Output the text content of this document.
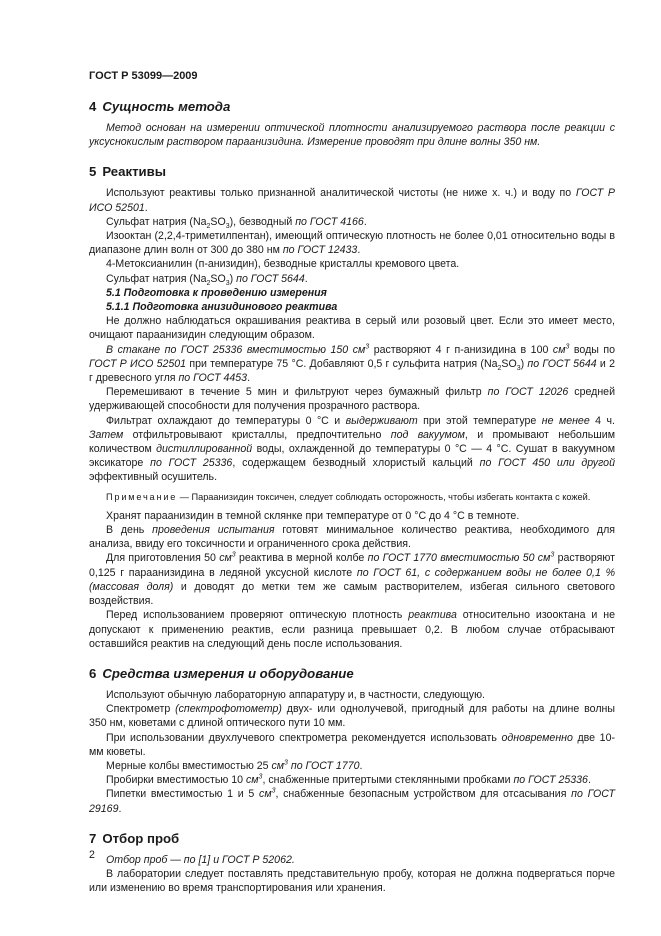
ГОСТ Р 53099—2009
4 Сущность метода

Метод основан на измерении оптической плотности анализируемого раствора после реакции с уксуснокислым раствором параанизидина. Измерение проводят при длине волны 350 нм.

5 Реактивы

Используют реактивы только признанной аналитической чистоты (не ниже х. ч.) и воду по ГОСТ Р ИСО 52501.

Сульфат натрия $(Na_2SO_3)$, безводный по ГОСТ 4166.

Изооктан (2,2,4-триметилпентан), имеющий оптическую плотность не более 0,01 относительно воды в диапазоне длин волн от 300 до 380 нм по ГОСТ 12433.

4-Метоксианилин (п-анизидин), безводные кристаллы кремового цвета.

Сульфат натрия $(Na_2SO_3)$ по ГОСТ 5644.

5.1 Подготовка к проведению измерения
5.1.1 Подготовка анизидинового реактива

Не должно наблюдаться окрашивания реактива в серый или розовый цвет. Если это имеет место, очищают параанизидин следующим образом.

В стакане по ГОСТ 25336 вместимостью 150 $см^3$ растворяют 4 г п-анизидина в 100 $см^3$ воды по ГОСТ Р ИСО 52501 при температуре 75 °С. Добавляют 0,5 г сульфита натрия $(Na_2SO_3)$ по ГОСТ 5644 и 2 г древесного угля по ГОСТ 4453.

Перемешивают в течение 5 мин и фильтруют через бумажный фильтр по ГОСТ 12026 средней удерживающей способности для получения прозрачного раствора.

Фильтрат охлаждают до температуры 0 °С и выдерживают при этой температуре не менее 4 ч. Затем отфильтровывают кристаллы, предпочтительно под вакуумом, и промывают небольшим количеством дистиллированной воды, охлажденной до температуры 0 °С — 4 °С. Сушат в вакуумном эксикаторе по ГОСТ 25336, содержащем безводный хлористый кальций по ГОСТ 450 или другой эффективный осушитель.

Примечание — Параанизидин токсичен, следует соблюдать осторожность, чтобы избегать контакта с кожей.

Хранят параанизидин в темной склянке при температуре от 0 °С до 4 °С в темноте.

В день проведения испытания готовят минимальное количество реактива, необходимого для анализа, ввиду его токсичности и ограниченного срока действия.

Для приготовления 50 $см^3$ реактива в мерной колбе по ГОСТ 1770 вместимостью 50 $см^3$ растворяют 0,125 г параанизидина в ледяной уксусной кислоте по ГОСТ 61, с содержанием воды не более 0,1 % (массовая доля) и доводят до метки тем же самым растворителем, избегая сильного светового воздействия.

Перед использованием проверяют оптическую плотность реактива относительно изооктана и не допускают к применению реактив, если разница превышает 0,2. В любом случае отбрасывают оставшийся реактив на следующий день после использования.

6 Средства измерения и оборудование

Используют обычную лабораторную аппаратуру и, в частности, следующую.

Спектрометр (спектрофотометр) двух- или однолучевой, пригодный для работы на длине волны 350 нм, кюветами с длиной оптического пути 10 мм.

При использовании двухлучевого спектрометра рекомендуется использовать одновременно две 10-мм кюветы.

Мерные колбы вместимостью 25 $см^3$ по ГОСТ 1770.

Пробирки вместимостью 10 $см^3$, снабженные притертыми стеклянными пробками по ГОСТ 25336.

Пипетки вместимостью 1 и 5 $см^3$, снабженные безопасным устройством для отсасывания по ГОСТ 29169.

7 Отбор проб

Отбор проб — по [1] и ГОСТ Р 52062.

В лаборатории следует поставлять представительную пробу, которая не должна подвергаться порче или изменению во время транспортирования или хранения.

2
